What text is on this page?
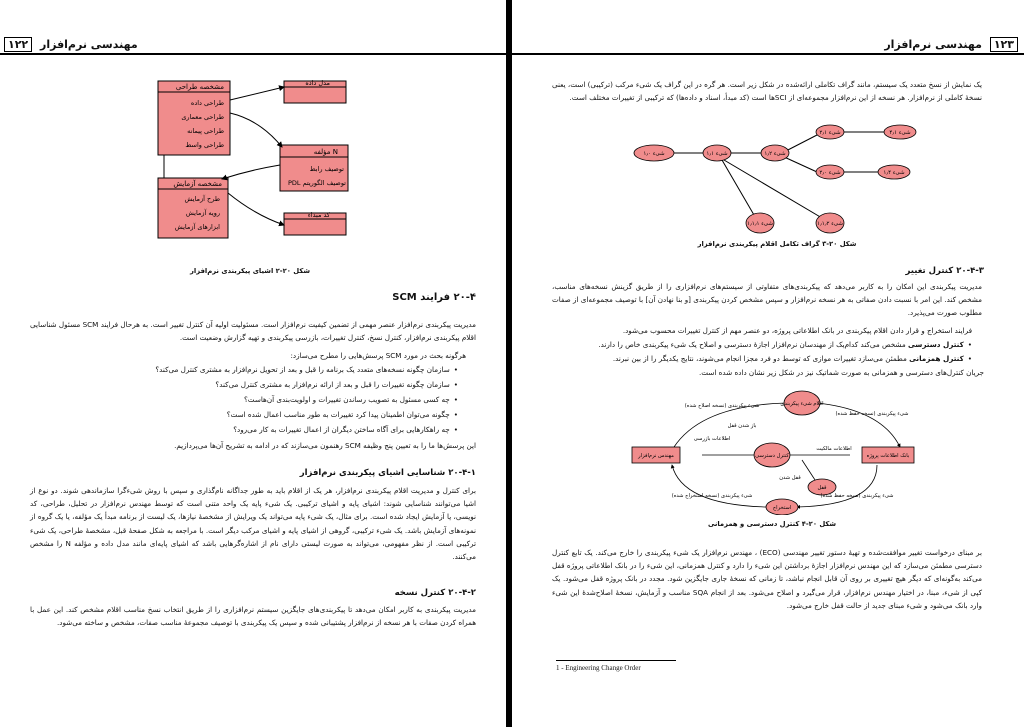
۱۲۲	مهندسی نرم‌افزار
مشخصه طراحی
طراحی داده
طراحی معماری
طراحی پیمانه
طراحی واسط
مدل داده
مؤلفه N
توصیف رابط
PDL توصیف الگوریتم
مشخصه آزمایش
طرح آزمایش
رویه آزمایش
ابزارهای آزمایش
کد مبداء
شکل ۲۰-۲ اشیای پیکربندی نرم‌افزار
۲۰-۴ فرایند SCM
مدیریت پیکربندی نرم‌افزار عنصر مهمی از تضمین کیفیت نرم‌افزار است. مسئولیت اولیه آن کنترل تغییر است. به هرحال فرایند SCM مسئول شناسایی اقلام پیکربندی نرم‌افزار، کنترل نسخ، کنترل تغییرات، بازرسی پیکربندی و تهیه گزارش وضعیت است.
هرگونه بحث در مورد SCM پرسش‌هایی را مطرح می‌سازد:
• سازمان چگونه نسخه‌های متعدد یک برنامه را قبل و بعد از تحویل نرم‌افزار به مشتری کنترل می‌کند؟
• سازمان چگونه تغییرات را قبل و بعد از ارائه نرم‌افزار به مشتری کنترل می‌کند؟
• چه کسی مسئول به تصویب رساندن تغییرات و اولویت‌بندی آن‌هاست؟
• چگونه می‌توان اطمینان پیدا کرد تغییرات به طور مناسب اعمال شده است؟
• چه راهکارهایی برای آگاه ساختن دیگران از اعمال تغییرات به کار می‌رود؟
این پرسش‌ها ما را به تعیین پنج وظیفه SCM رهنمون می‌سازند که در ادامه به تشریح آن‌ها می‌پردازیم.
۲۰-۴-۱ شناسایی اشیای پیکربندی نرم‌افزار
برای کنترل و مدیریت اقلام پیکربندی نرم‌افزار، هر یک از اقلام باید به طور جداگانه نام‌گذاری و سپس با روش شیءگرا سازماندهی شوند. دو نوع از اشیا می‌توانند شناسایی شوند: اشیای پایه و اشیای ترکیبی. یک شیء پایه یک واحد متنی است که توسط مهندس نرم‌افزار در تحلیل، طراحی، کد نویسی، یا آزمایش ایجاد شده است. برای مثال، یک شیء پایه می‌تواند یک ویرایش از مشخصهٔ نیازها، یک لیست از برنامه مبدأ یک مؤلفه، یا یک گروه از نمونه‌های آزمایش باشد. یک شیء ترکیبی، گروهی از اشیای پایه و اشیای مرکب دیگر است. با مراجعه به شکل صفحهٔ قبل، مشخصهٔ طراحی، یک شیء ترکیبی است. از نظر مفهومی، می‌تواند به صورت لیستی دارای نام از اشاره‌گرهایی باشد که اشیای پایه‌ای مانند مدل داده و مؤلفه N را مشخص می‌کنند.
۲۰-۴-۲ کنترل نسخه
مدیریت پیکربندی به کاربر امکان می‌دهد تا پیکربندی‌های جایگزین سیستم نرم‌افزاری را از طریق انتخاب نسخ مناسب اقلام مشخص کند. این عمل با همراه کردن صفات با هر نسخه از نرم‌افزار پشتیبانی شده و سپس یک پیکربندی با توصیف مجموعهٔ مناسب صفات، مشخص و ساخته می‌شود.
۱۲۳
مهندسی نرم‌افزار
یک نمایش از نسخ متعدد یک سیستم، مانند گراف تکاملی ارائه‌شده در شکل زیر است. هر گره در این گراف یک شیء مرکب (ترکیبی) است، یعنی نسخهٔ کاملی از نرم‌افزار. هر نسخه از این نرم‌افزار مجموعه‌ای از SCIها است (کد مبدأ، اسناد و داده‌ها) که ترکیبی از تغییرات مختلف است.
شیء ۱٫۰	شیء ۱٫۱	شیء ۱٫۲
شیء ۲٫۱	شیء ۴٫۱
شیء ۲٫۰	شیء ۱٫۴
شیء ۱٫۱٫۱	شیء ۱٫۱٫۲
شکل ۲۰-۳ گراف تکامل اقلام پیکربندی نرم‌افزار
۲۰-۴-۳ کنترل تغییر
مدیریت پیکربندی این امکان را به کاربر می‌دهد که پیکربندی‌های متفاوتی از سیستم‌های نرم‌افزاری را از طریق گزینش نسخه‌های مناسب، مشخص کند. این امر با نسبت دادن صفاتی به هر نسخه نرم‌افزار و سپس مشخص کردن پیکربندی [و بنا نهادن آن] با توصیف مجموعه‌ای از صفات مطلوب صورت می‌پذیرد.
فرایند استخراج و قرار دادن اقلام پیکربندی در بانک اطلاعاتی پروژه، دو عنصر مهم از کنترل تغییرات محسوب می‌شود.
• کنترل دسترسی مشخص می‌کند کدام‌یک از مهندسان نرم‌افزار اجازهٔ دسترسی و اصلاح یک شیء پیکربندی خاص را دارند.
• کنترل همزمانی مطمئن می‌سازد تغییرات موازی که توسط دو فرد مجزا انجام می‌شوند، نتایج یکدیگر را از بین نبرند.
جریان کنترل‌های دسترسی و همزمانی به صورت شماتیک نیز در شکل زیر نشان داده شده است.
اقلام شیء پیکربندی
کنترل دسترسی
قفل
استخراج
مهندس نرم‌افزار	بانک اطلاعات پروژه
شیء پیکربندی (نسخه اصلاح شده)
شیء پیکربندی (نسخه حفظ شده)
اطلاعات بازرسی
باز شدن قفل
اطلاعات مالکیت
قفل شدن
شیء پیکربندی (نسخه استخراج شده)	شیء پیکربندی (نسخه حفظ شده)
شکل ۲۰-۴ کنترل دسترسی و همزمانی
بر مبنای درخواست تغییر موافقت‌شده و تهیهٔ دستور تغییر مهندسی (ECO) ، مهندس نرم‌افزار یک شیء پیکربندی را خارج می‌کند. یک تابع کنترل دسترسی مطمئن می‌سازد که این مهندس نرم‌افزار اجازهٔ برداشتن این شیء را دارد و کنترل همزمانی، این شیء را در بانک اطلاعاتی پروژه قفل می‌کند به‌گونه‌ای که دیگر هیچ تغییری بر روی آن قابل انجام نباشد، تا زمانی که نسخهٔ جاری جایگزین شود. مجدد در بانک پروژه قفل می‌شود. یک کپی از شیء، مبنا، در اختیار مهندس نرم‌افزار، قرار می‌گیرد و اصلاح می‌شود. بعد از انجام SQA مناسب و آزمایش، نسخهٔ اصلاح‌شدهٔ این شیء وارد بانک می‌شود و شیء مبنای جدید از حالت قفل خارج می‌شود.
1 - Engineering Change Order
